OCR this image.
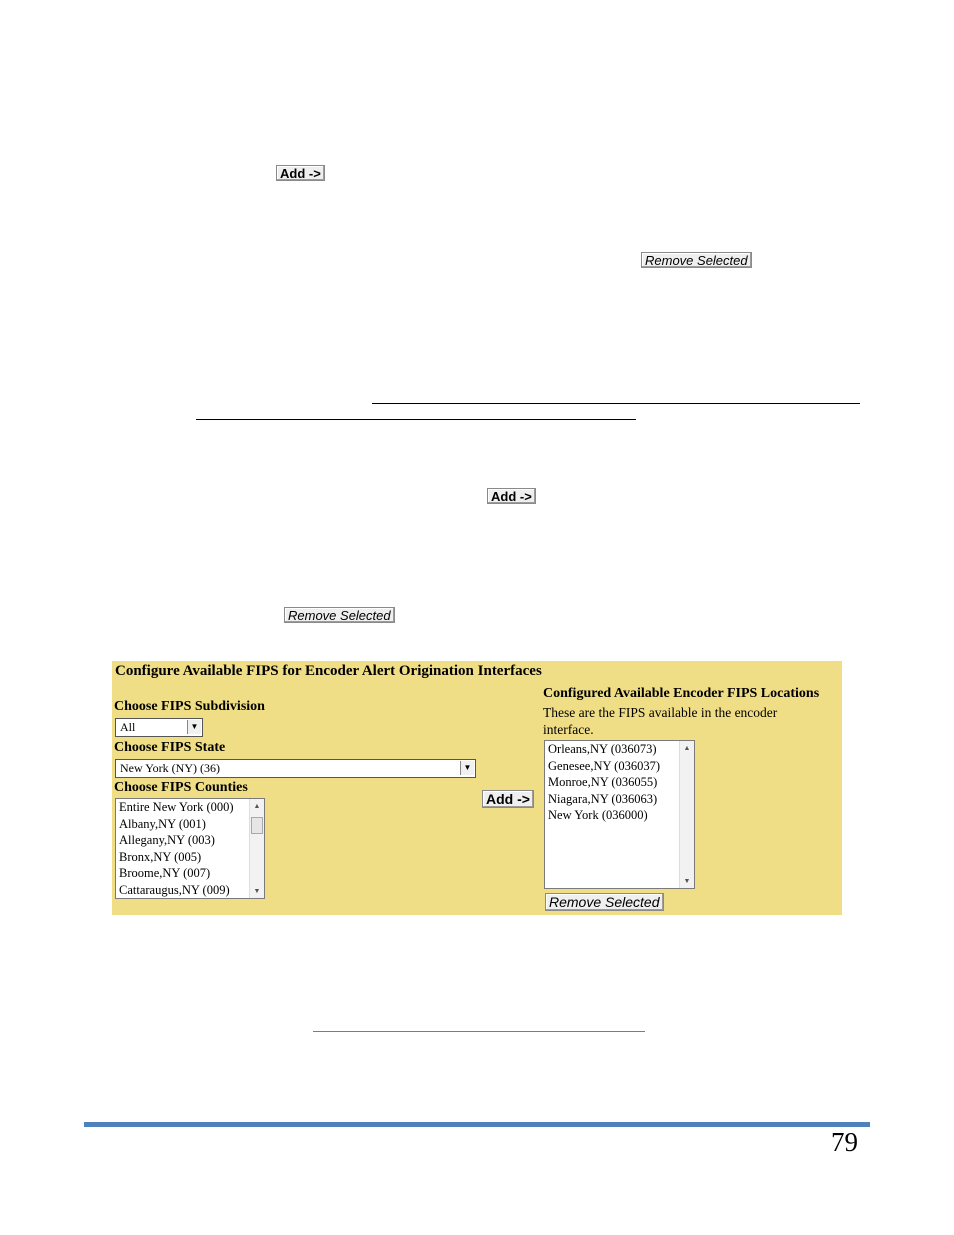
Add ->
Remove Selected
Add ->
Remove Selected
Configure Available FIPS for Encoder Alert Origination Interfaces
Choose FIPS Subdivision
All	▼
Choose FIPS State
New York (NY) (36)	▼
Choose FIPS Counties
Entire New York (000)
Albany,NY (001)
Allegany,NY (003)
Bronx,NY (005)
Broome,NY (007)
Cattaraugus,NY (009)
▲
▼
Add ->
Configured Available Encoder FIPS Locations
These are the FIPS available in the encoder interface.
Orleans,NY (036073)
Genesee,NY (036037)
Monroe,NY (036055)
Niagara,NY (036063)
New York (036000)
▲
▼
Remove Selected
79
